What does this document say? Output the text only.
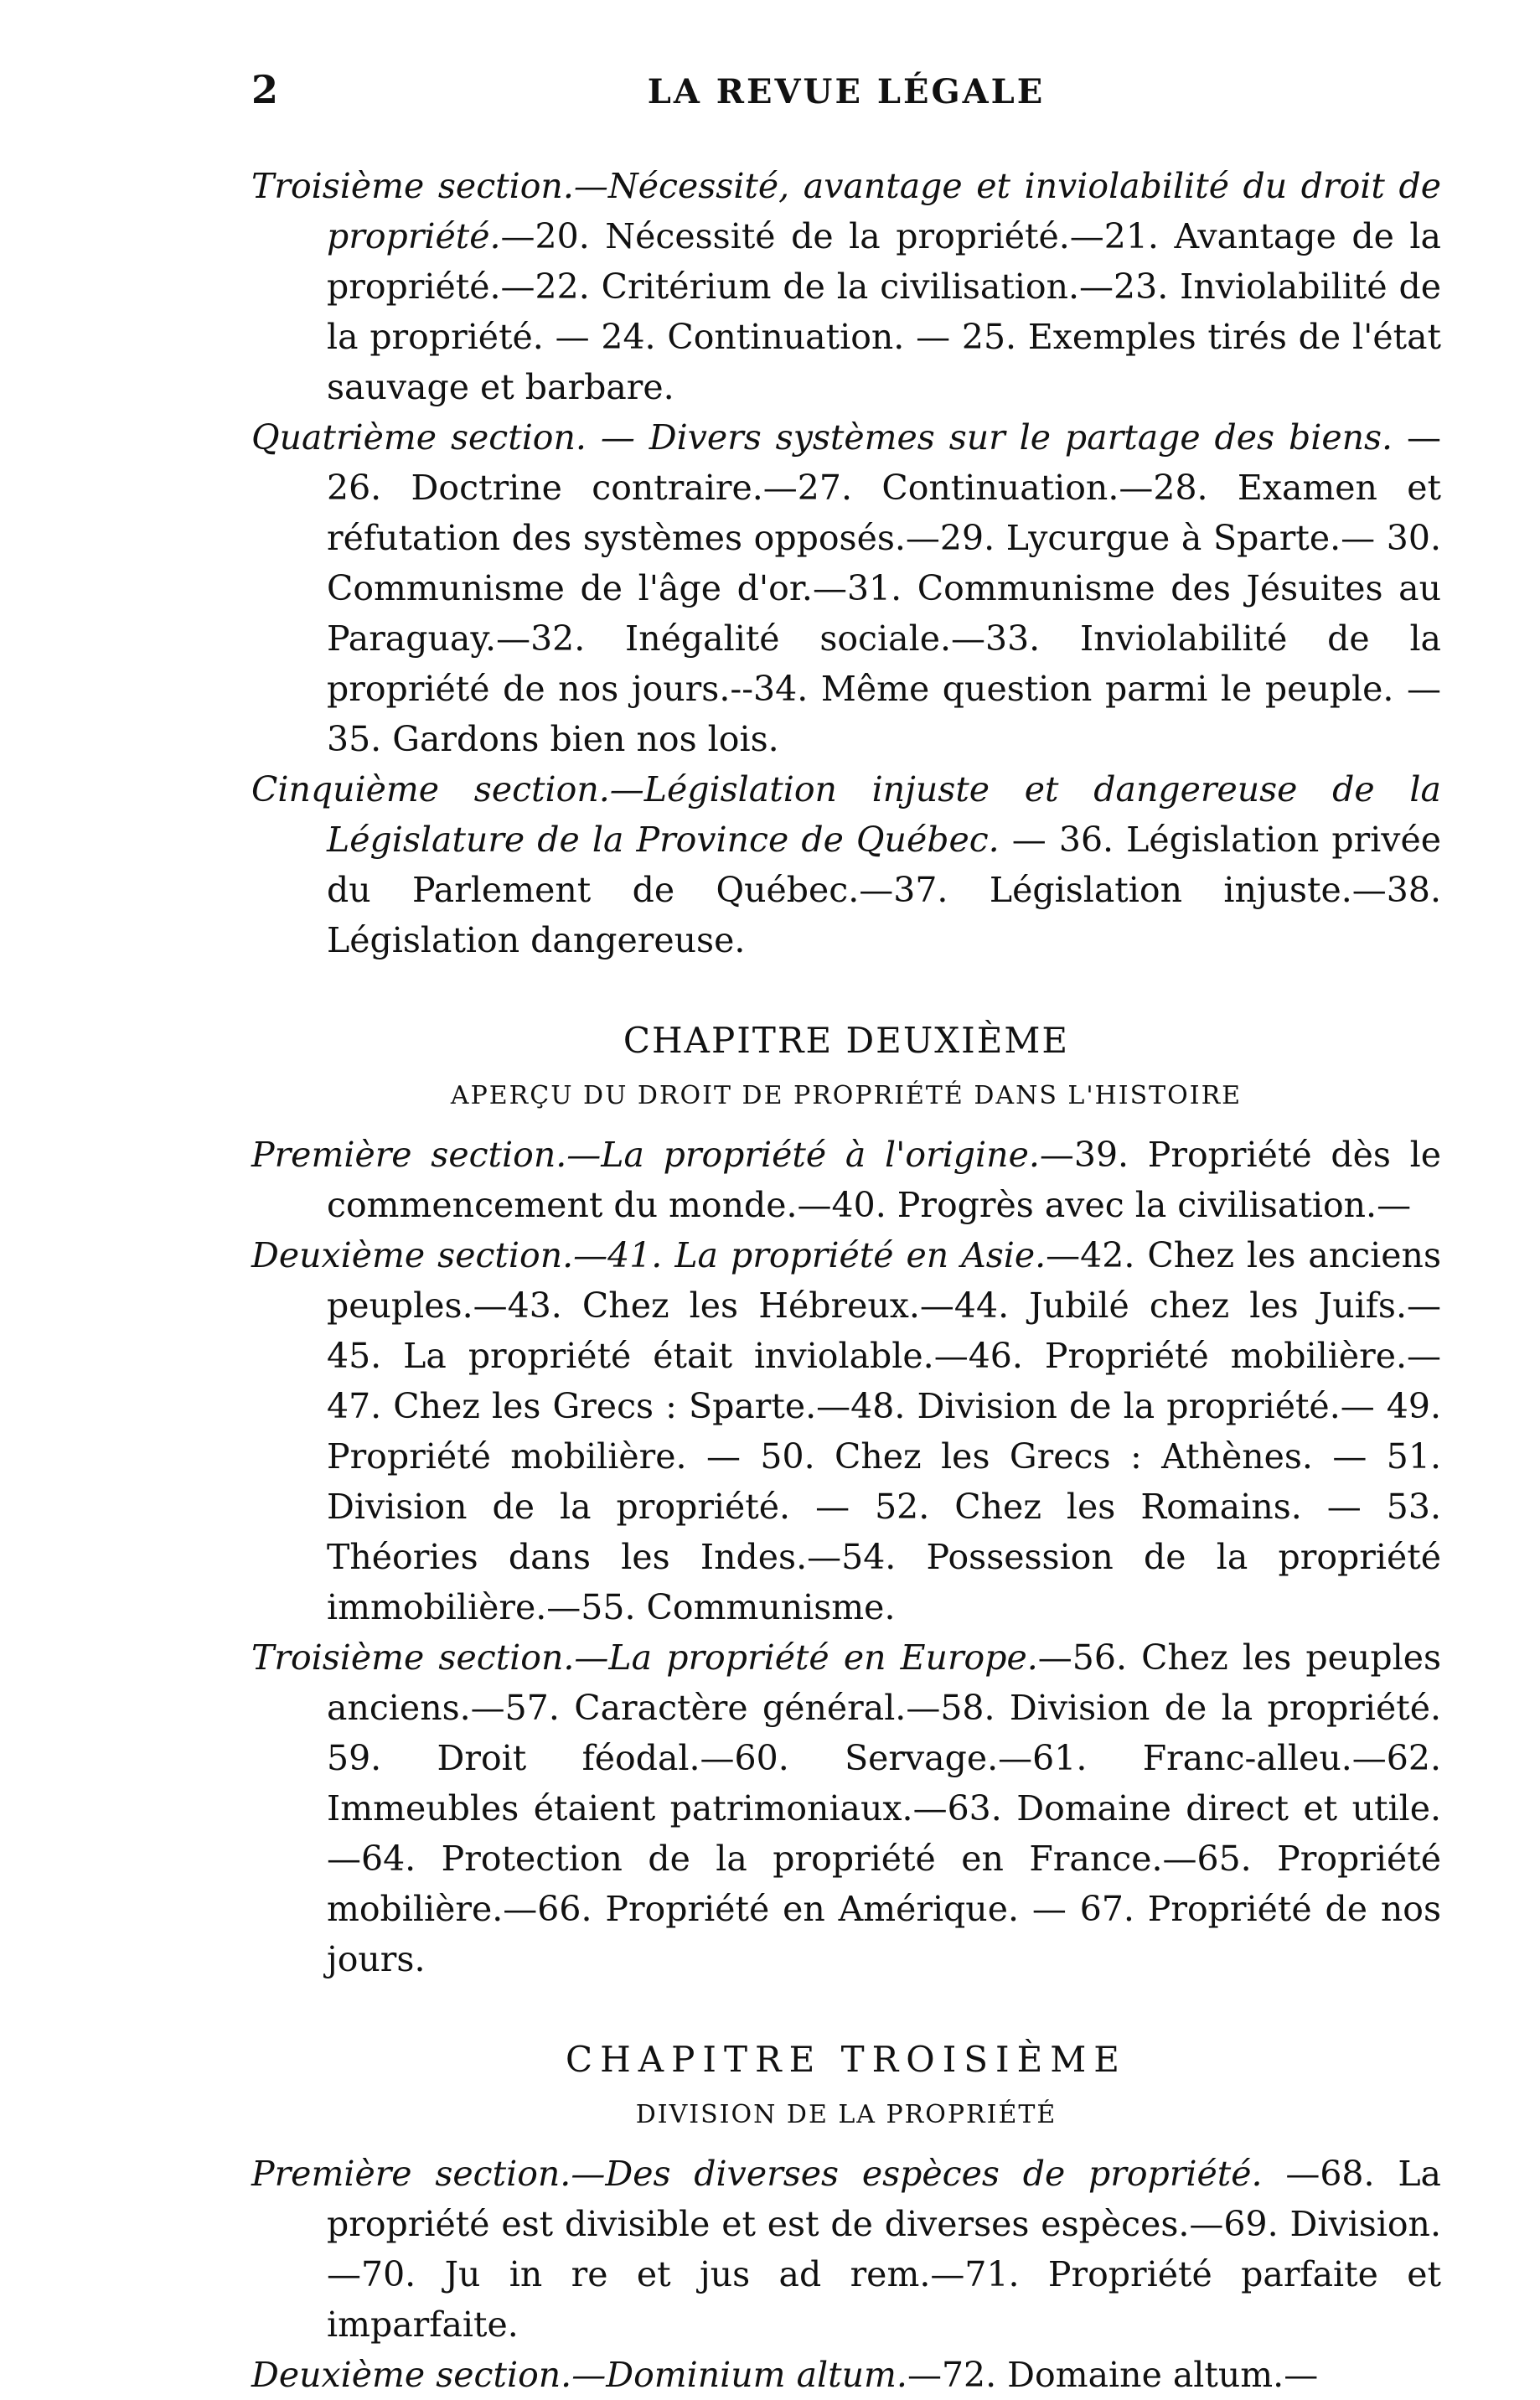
2	LA REVUE LÉGALE

Troisième section.—Nécessité, avantage et inviolabilité du droit de propriété.—20. Nécessité de la propriété.—21. Avantage de la propriété.—22. Critérium de la civilisation.—23. Inviolabilité de la propriété. — 24. Continuation. — 25. Exemples tirés de l'état sauvage et barbare.

Quatrième section. — Divers systèmes sur le partage des biens. — 26. Doctrine contraire.—27. Continuation.—28. Examen et réfutation des systèmes opposés.—29. Lycurgue à Sparte.— 30. Communisme de l'âge d'or.—31. Communisme des Jésuites au Paraguay.—32. Inégalité sociale.—33. Inviolabilité de la propriété de nos jours.--34. Même question parmi le peuple. —35. Gardons bien nos lois.

Cinquième section.—Législation injuste et dangereuse de la Législature de la Province de Québec. — 36. Législation privée du Parlement de Québec.—37. Législation injuste.—38. Législation dangereuse.

CHAPITRE DEUXIÈME
APERÇU DU DROIT DE PROPRIÉTÉ DANS L'HISTOIRE

Première section.—La propriété à l'origine.—39. Propriété dès le commencement du monde.—40. Progrès avec la civilisation.—

Deuxième section.—41. La propriété en Asie.—42. Chez les anciens peuples.—43. Chez les Hébreux.—44. Jubilé chez les Juifs.— 45. La propriété était inviolable.—46. Propriété mobilière.— 47. Chez les Grecs : Sparte.—48. Division de la propriété.— 49. Propriété mobilière. — 50. Chez les Grecs : Athènes. — 51. Division de la propriété. — 52. Chez les Romains. — 53. Théories dans les Indes.—54. Possession de la propriété immobilière.—55. Communisme.

Troisième section.—La propriété en Europe.—56. Chez les peuples anciens.—57. Caractère général.—58. Division de la propriété. 59. Droit féodal.—60. Servage.—61. Franc-alleu.—62. Immeubles étaient patrimoniaux.—63. Domaine direct et utile. —64. Protection de la propriété en France.—65. Propriété mobilière.—66. Propriété en Amérique. — 67. Propriété de nos jours.

CHAPITRE TROISIÈME
DIVISION DE LA PROPRIÉTÉ

Première section.—Des diverses espèces de propriété. —68. La propriété est divisible et est de diverses espèces.—69. Division.—70. Ju in re et jus ad rem.—71. Propriété parfaite et imparfaite.

Deuxième section.—Dominium altum.—72. Domaine altum.—
